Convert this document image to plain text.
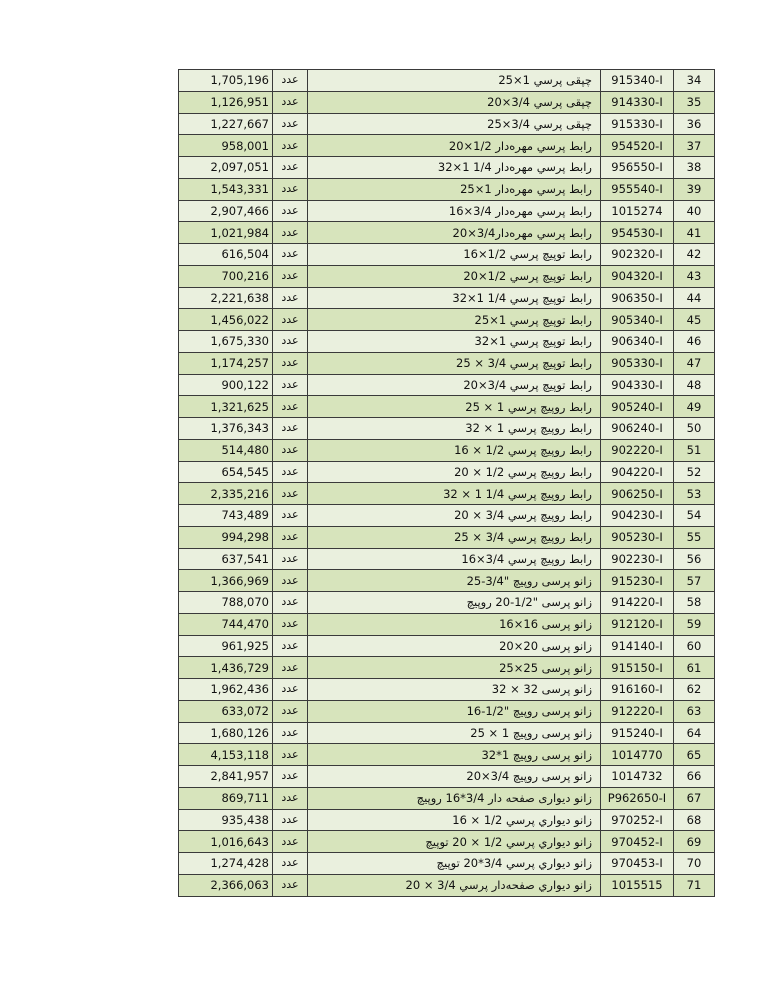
1,705,196	عدد	چپقی پرسي 1×25	915340-I	34
1,126,951	عدد	چپقی پرسي 3/4×20	914330-I	35
1,227,667	عدد	چپقی پرسي 3/4×25	915330-I	36
958,001	عدد	رابط پرسي مهره‌دار 1/2×20	954520-I	37
2,097,051	عدد	رابط پرسي مهره‌دار 1/4 1×32	956550-I	38
1,543,331	عدد	رابط پرسي مهره‌دار 1×25	955540-I	39
2,907,466	عدد	رابط پرسي مهره‌دار 3/4×16	1015274	40
1,021,984	عدد	رابط پرسي مهره‌دار3/4×20	954530-I	41
616,504	عدد	رابط توپیچ پرسي 1/2×16	902320-I	42
700,216	عدد	رابط توپیچ پرسي 1/2×20	904320-I	43
2,221,638	عدد	رابط توپیچ پرسي 1/4 1×32	906350-I	44
1,456,022	عدد	رابط توپیچ پرسي 1×25	905340-I	45
1,675,330	عدد	رابط توپیچ پرسي 1×32	906340-I	46
1,174,257	عدد	رابط توپیچ پرسي 3/4 × 25	905330-I	47
900,122	عدد	رابط توپیچ پرسي 3/4×20	904330-I	48
1,321,625	عدد	رابط روپیچ پرسي 1 × 25	905240-I	49
1,376,343	عدد	رابط روپیچ پرسي 1 × 32	906240-I	50
514,480	عدد	رابط روپیچ پرسي 1/2 × 16	902220-I	51
654,545	عدد	رابط روپیچ پرسي 1/2 × 20	904220-I	52
2,335,216	عدد	رابط روپیچ پرسي 1/4 1 × 32	906250-I	53
743,489	عدد	رابط روپیچ پرسي 3/4 × 20	904230-I	54
994,298	عدد	رابط روپیچ پرسي 3/4 × 25	905230-I	55
637,541	عدد	رابط روپیچ پرسي 3/4×16	902230-I	56
1,366,969	عدد	زانو پرسی روپیچ "3/4-25	915230-I	57
788,070	عدد	زانو پرسی "1/2-20 روپیچ	914220-I	58
744,470	عدد	زانو پرسی 16×16	912120-I	59
961,925	عدد	زانو پرسی 20×20	914140-I	60
1,436,729	عدد	زانو پرسی 25×25	915150-I	61
1,962,436	عدد	زانو پرسی 32 × 32	916160-I	62
633,072	عدد	زانو پرسی روپیچ "1/2-16	912220-I	63
1,680,126	عدد	زانو پرسی روپیچ 1 × 25	915240-I	64
4,153,118	عدد	زانو پرسی روپیچ 1*32	1014770	65
2,841,957	عدد	زانو پرسی روپیچ 3/4×20	1014732	66
869,711	عدد	زانو دیواری صفحه دار 3/4*16 روپیچ	P962650-I	67
935,438	عدد	زانو دیواري پرسي 1/2 × 16	970252-I	68
1,016,643	عدد	زانو دیواري پرسي 1/2 × 20 توپیچ	970452-I	69
1,274,428	عدد	زانو دیواري پرسي 3/4*20 توپیچ	970453-I	70
2,366,063	عدد	زانو دیواري صفحه‌دار پرسي 3/4 × 20	1015515	71
